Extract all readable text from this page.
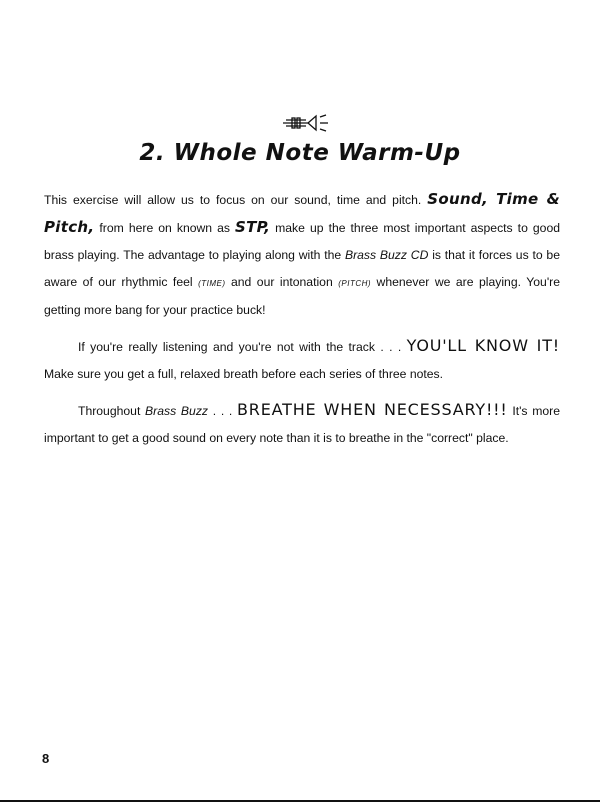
2. Whole Note Warm-Up

This exercise will allow us to focus on our sound, time and pitch. Sound, Time & Pitch, from here on known as STP, make up the three most important aspects to good brass playing. The advantage to playing along with the Brass Buzz CD is that it forces us to be aware of our rhythmic feel (TIME) and our intonation (PITCH) whenever we are playing. You're getting more bang for your practice buck!

If you're really listening and you're not with the track . . . YOU'LL KNOW IT! Make sure you get a full, relaxed breath before each series of three notes.

Throughout Brass Buzz . . . BREATHE WHEN NECESSARY!!! It's more important to get a good sound on every note than it is to breathe in the "correct" place.

8
